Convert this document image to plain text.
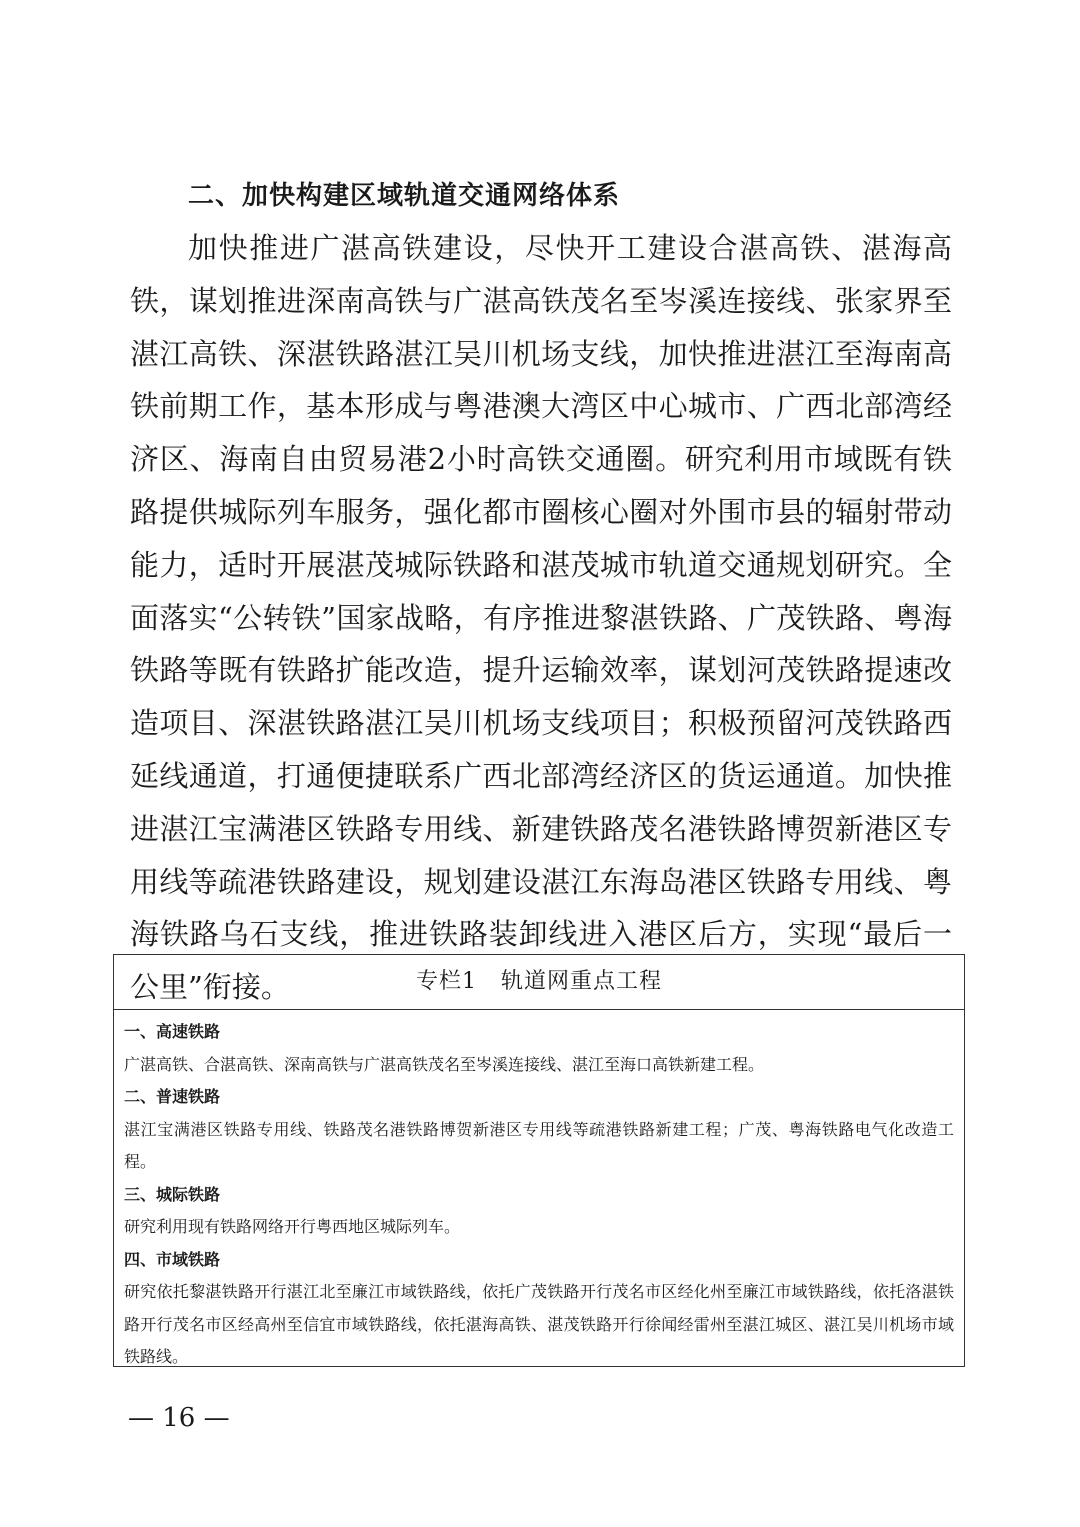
二、加快构建区域轨道交通网络体系

加快推进广湛高铁建设，尽快开工建设合湛高铁、湛海高铁，谋划推进深南高铁与广湛高铁茂名至岑溪连接线、张家界至湛江高铁、深湛铁路湛江吴川机场支线，加快推进湛江至海南高铁前期工作，基本形成与粤港澳大湾区中心城市、广西北部湾经济区、海南自由贸易港2小时高铁交通圈。研究利用市域既有铁路提供城际列车服务，强化都市圈核心圈对外围市县的辐射带动能力，适时开展湛茂城际铁路和湛茂城市轨道交通规划研究。全面落实“公转铁”国家战略，有序推进黎湛铁路、广茂铁路、粤海铁路等既有铁路扩能改造，提升运输效率，谋划河茂铁路提速改造项目、深湛铁路湛江吴川机场支线项目；积极预留河茂铁路西延线通道，打通便捷联系广西北部湾经济区的货运通道。加快推进湛江宝满港区铁路专用线、新建铁路茂名港铁路博贺新港区专用线等疏港铁路建设，规划建设湛江东海岛港区铁路专用线、粤海铁路乌石支线，推进铁路装卸线进入港区后方，实现“最后一公里”衔接。	专栏1 轨道网重点工程
一、高速铁路
广湛高铁、合湛高铁、深南高铁与广湛高铁茂名至岑溪连接线、湛江至海口高铁新建工程。
二、普速铁路
湛江宝满港区铁路专用线、铁路茂名港铁路博贺新港区专用线等疏港铁路新建工程；广茂、粤海铁路电气化改造工程。
三、城际铁路
研究利用现有铁路网络开行粤西地区城际列车。
四、市域铁路
研究依托黎湛铁路开行湛江北至廉江市域铁路线，依托广茂铁路开行茂名市区经化州至廉江市域铁路线，依托洛湛铁路开行茂名市区经高州至信宜市域铁路线，依托湛海高铁、湛茂铁路开行徐闻经雷州至湛江城区、湛江吴川机场市域铁路线。
— 16 —
